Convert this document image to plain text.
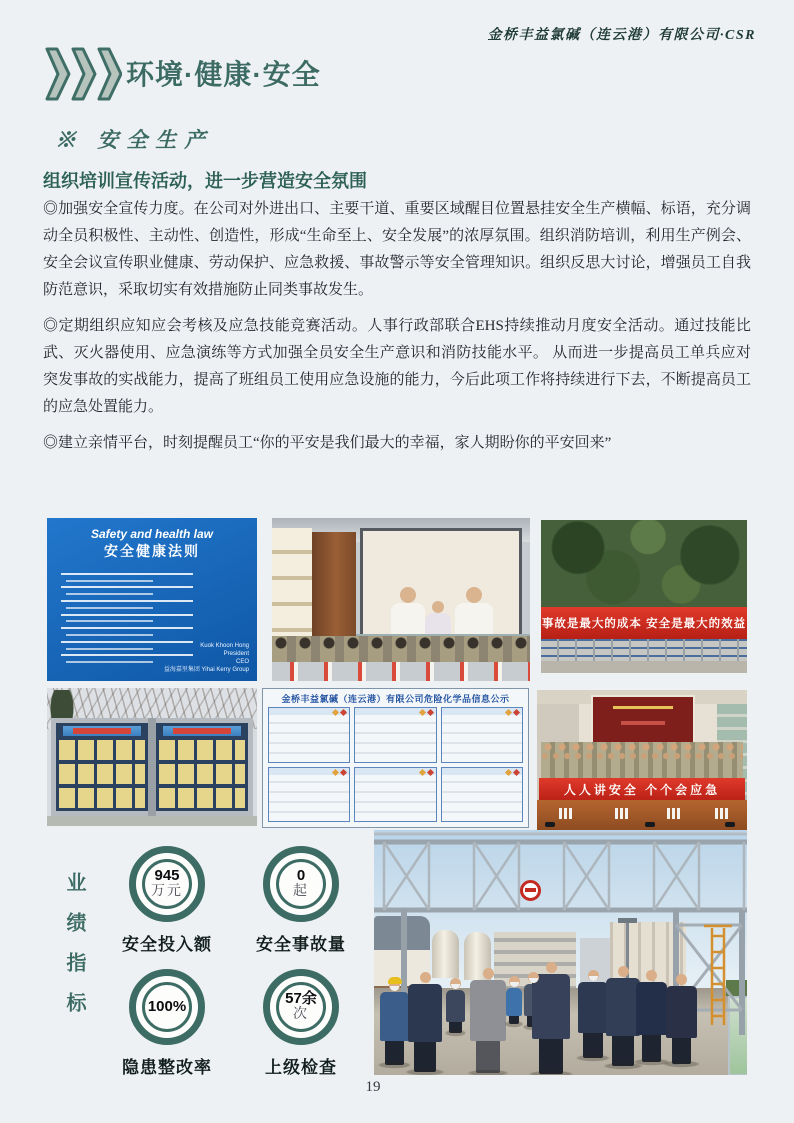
金桥丰益氯碱（连云港）有限公司·CSR
环境·健康·安全
※ 安全生产
组织培训宣传活动，进一步营造安全氛围

◎加强安全宣传力度。在公司对外进出口、主要干道、重要区域醒目位置悬挂安全生产横幅、标语，充分调动全员积极性、主动性、创造性，形成“生命至上、安全发展”的浓厚氛围。组织消防培训，利用生产例会、安全会议宣传职业健康、劳动保护、应急救援、事故警示等安全管理知识。组织反思大讨论，增强员工自我防范意识，采取切实有效措施防止同类事故发生。

◎定期组织应知应会考核及应急技能竞赛活动。人事行政部联合EHS持续推动月度安全活动。通过技能比武、灭火器使用、应急演练等方式加强全员安全生产意识和消防技能水平。 从而进一步提高员工单兵应对突发事故的实战能力，提高了班组员工使用应急设施的能力，今后此项工作将持续进行下去，不断提高员工的应急处置能力。

◎建立亲情平台，时刻提醒员工“你的平安是我们最大的幸福，家人期盼你的平安回来”

Safety and health law
安全健康法则
Kuok Khoon Hong
President
CEO
益海嘉里集团 Yihai Kerry Group
事故是最大的成本 安全是最大的效益
金桥丰益氯碱（连云港）有限公司危险化学品信息公示
人人讲安全 个个会应急
业绩指标	945
万元
安全投入额
0
起
安全事故量
100%
隐患整改率
57余
次
上级检查
19
